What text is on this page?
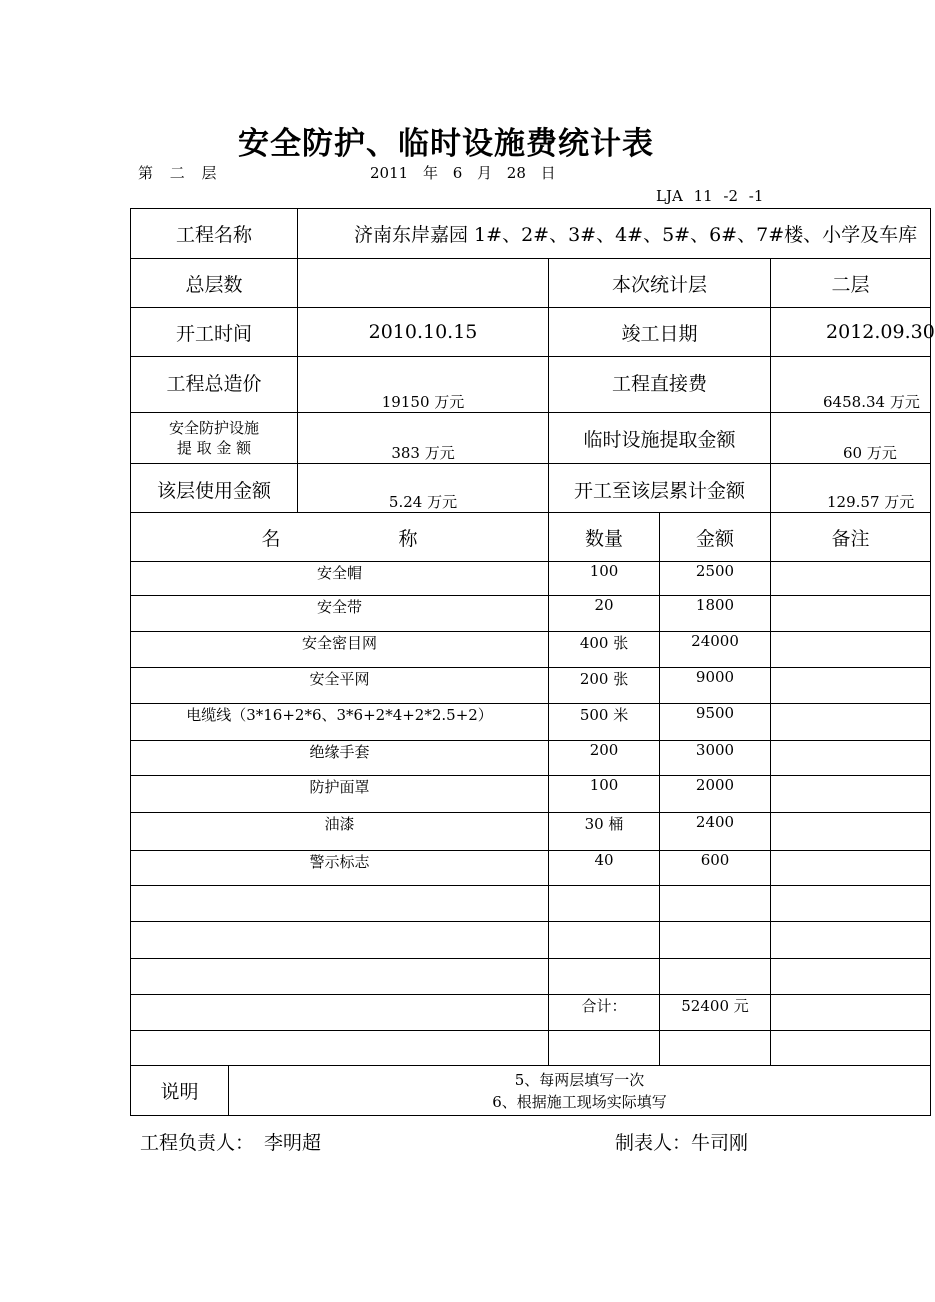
安全防护、临时设施费统计表
第 二 层	2011 年 6 月 28 日
LJA 11 -2 -1
工程名称		济南东岸嘉园 1#、2#、3#、4#、5#、6#、7#楼、小学及车库			
总层数			本次统计层		二层
开工时间		2010.10.15	竣工日期		2012.09.30
工程总造价		19150 万元	工程直接费		6458.34 万元

安全防护设施
提 取 金 额		383 万元	临时设施提取金额		60 万元
该层使用金额		5.24 万元	开工至该层累计金额		129.57 万元
名 称			数量	金额	备注
安全帽			100	2500	
安全带			20	1800	
安全密目网			400 张	24000	
安全平网			200 张	9000	
电缆线（3*16+2*6、3*6+2*4+2*2.5+2）			500 米	9500	
绝缘手套			200	3000	
防护面罩			100	2000	
油漆			30 桶	2400	
警示标志			40	600	

			合计：	52400 元	

说明	5、每两层填写一次
6、根据施工现场实际填写				
工程负责人： 李明超	制表人：牛司刚
